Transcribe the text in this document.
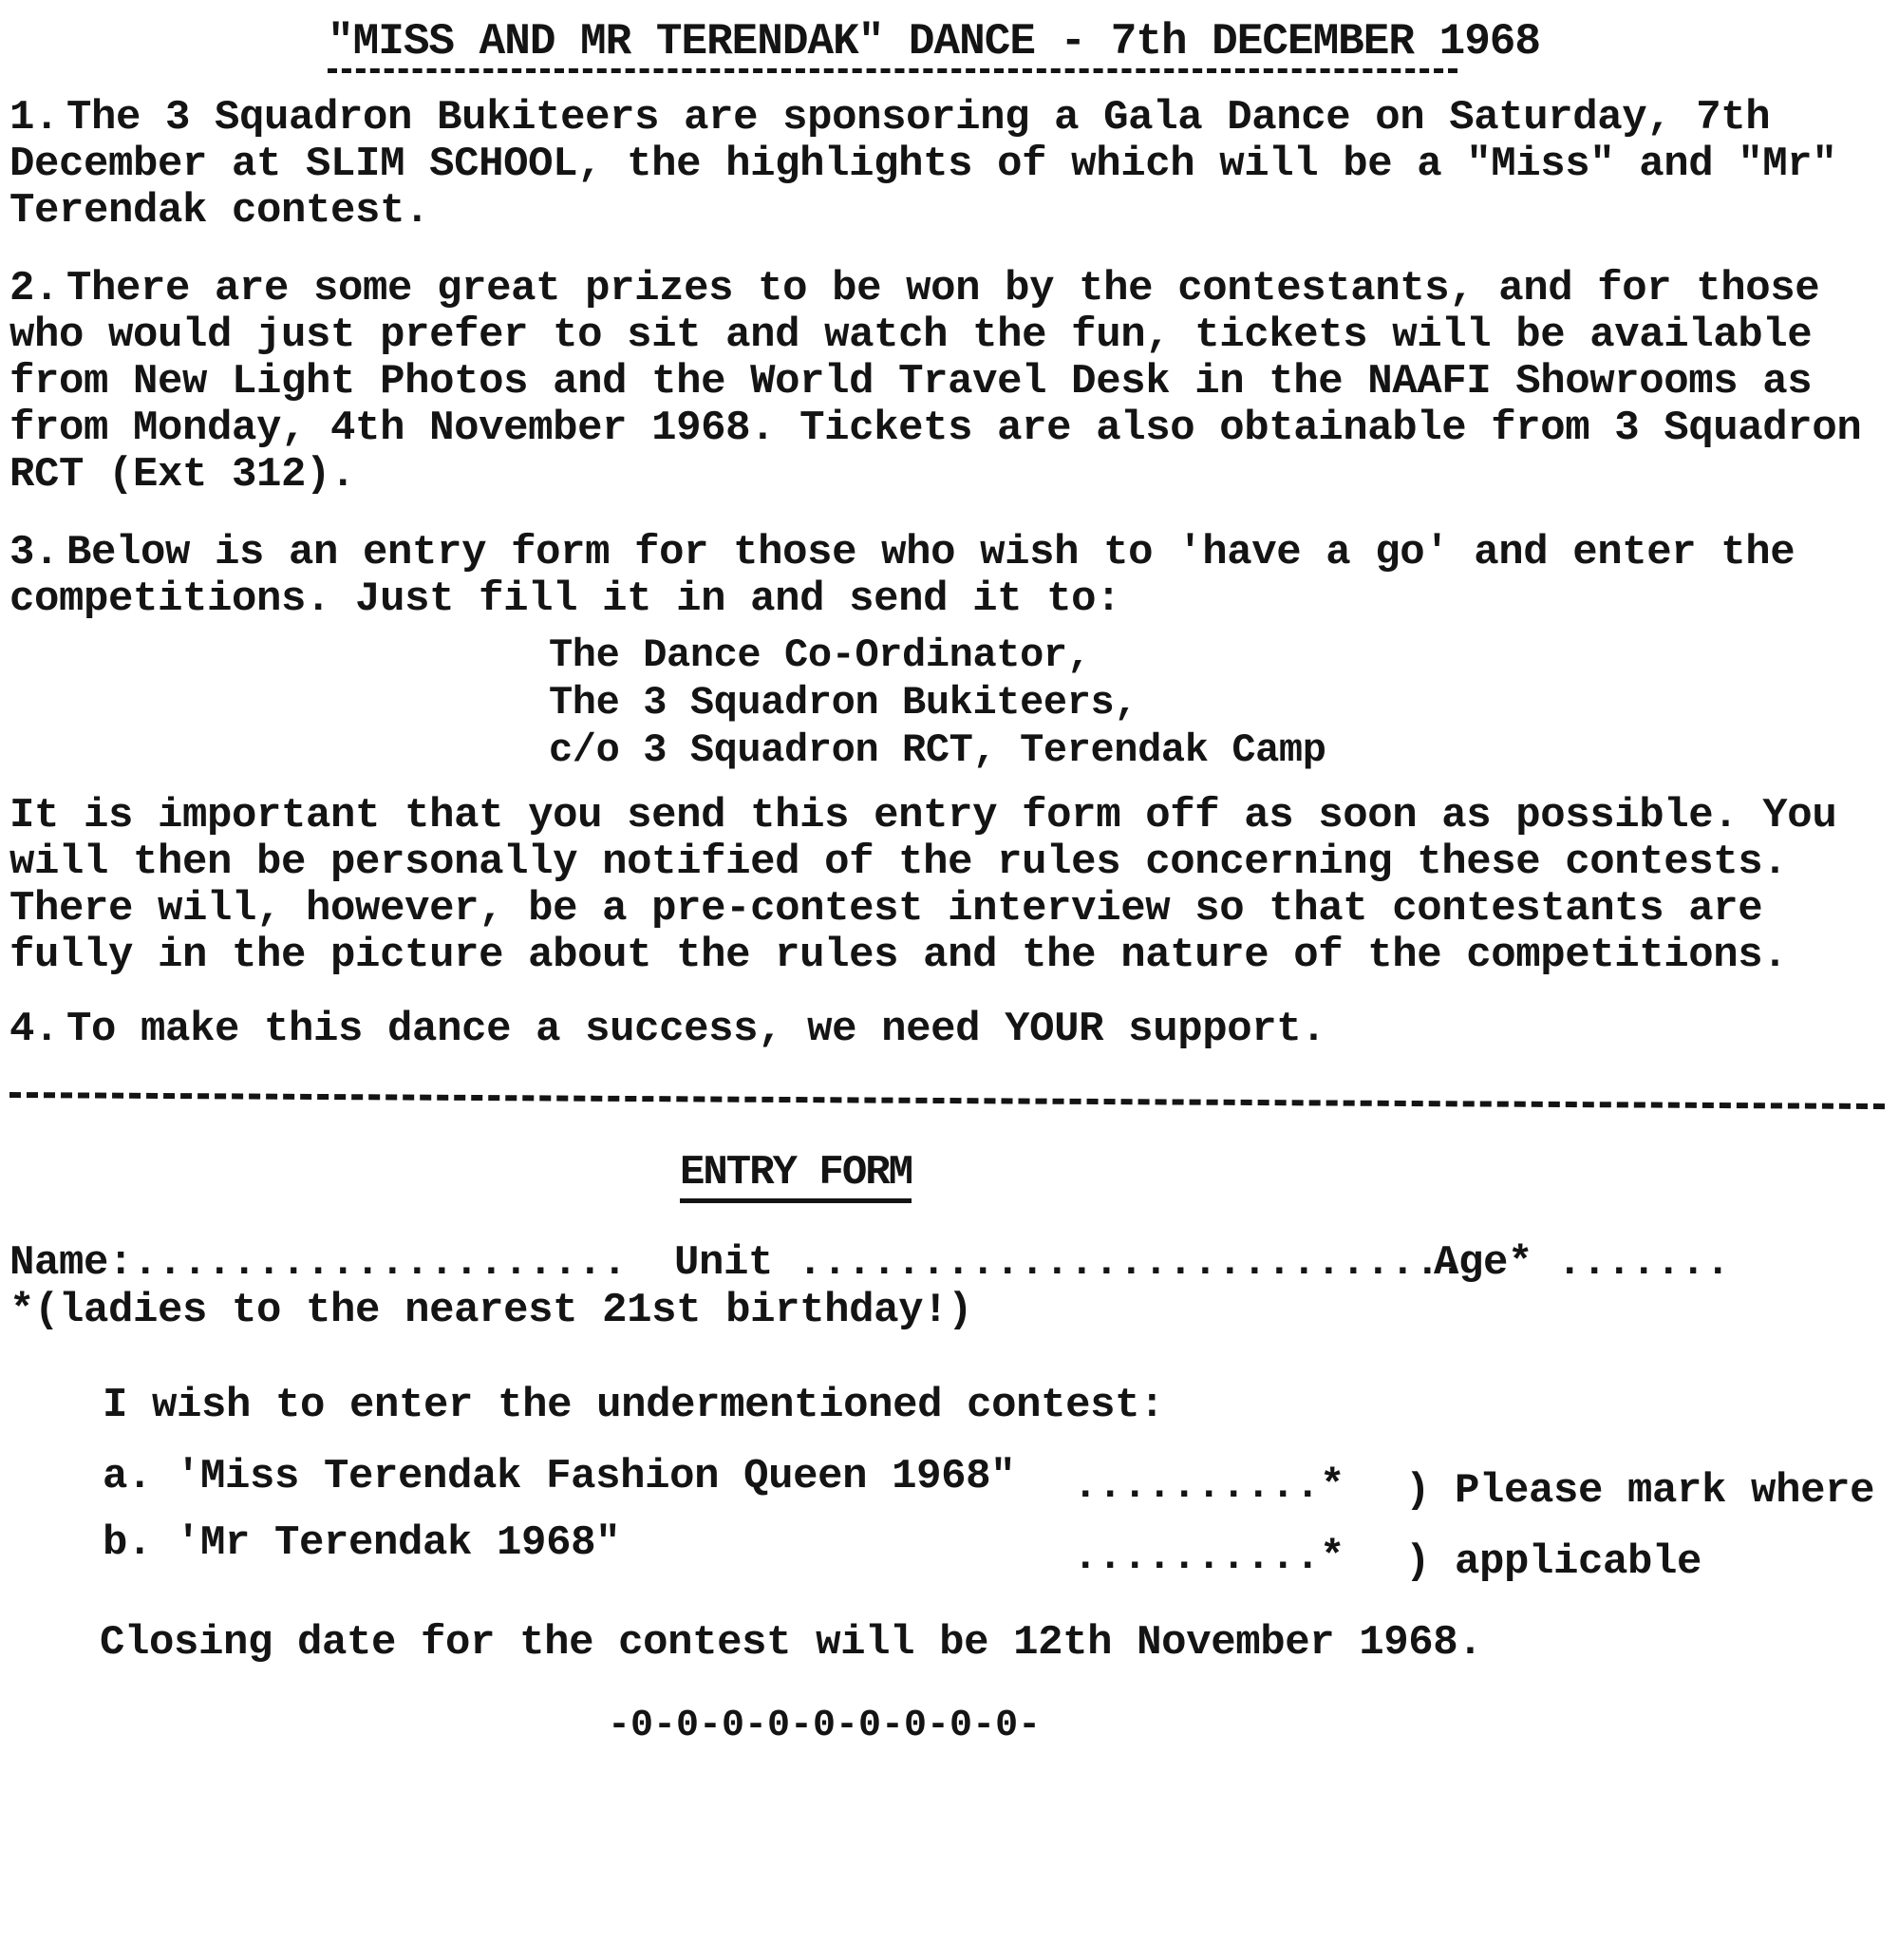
"MISS AND MR TERENDAK" DANCE - 7th DECEMBER 1968
1. The 3 Squadron Bukiteers are sponsoring a Gala Dance on Saturday, 7th December at SLIM SCHOOL, the highlights of which will be a "Miss" and "Mr" Terendak contest.
2. There are some great prizes to be won by the contestants, and for those who would just prefer to sit and watch the fun, tickets will be available from New Light Photos and the World Travel Desk in the NAAFI Showrooms as from Monday, 4th November 1968. Tickets are also obtainable from 3 Squadron RCT (Ext 312).
3. Below is an entry form for those who wish to 'have a go' and enter the competitions. Just fill it in and send it to:
The Dance Co-Ordinator,
The 3 Squadron Bukiteers,
c/o 3 Squadron RCT, Terendak Camp
It is important that you send this entry form off as soon as possible. You will then be personally notified of the rules concerning these contests. There will, however, be a pre-contest interview so that contestants are fully in the picture about the rules and the nature of the competitions.
4. To make this dance a success, we need YOUR support.
ENTRY FORM
Name:.................... Unit ...........................
Age* .......
*(ladies to the nearest 21st birthday!)
I wish to enter the undermentioned contest:
a. 'Miss Terendak Fashion Queen 1968" ..........* ) Please mark where
b. 'Mr Terendak 1968"	..........* ) applicable
Closing date for the contest will be 12th November 1968.
-0-0-0-0-0-0-0-0-0-
